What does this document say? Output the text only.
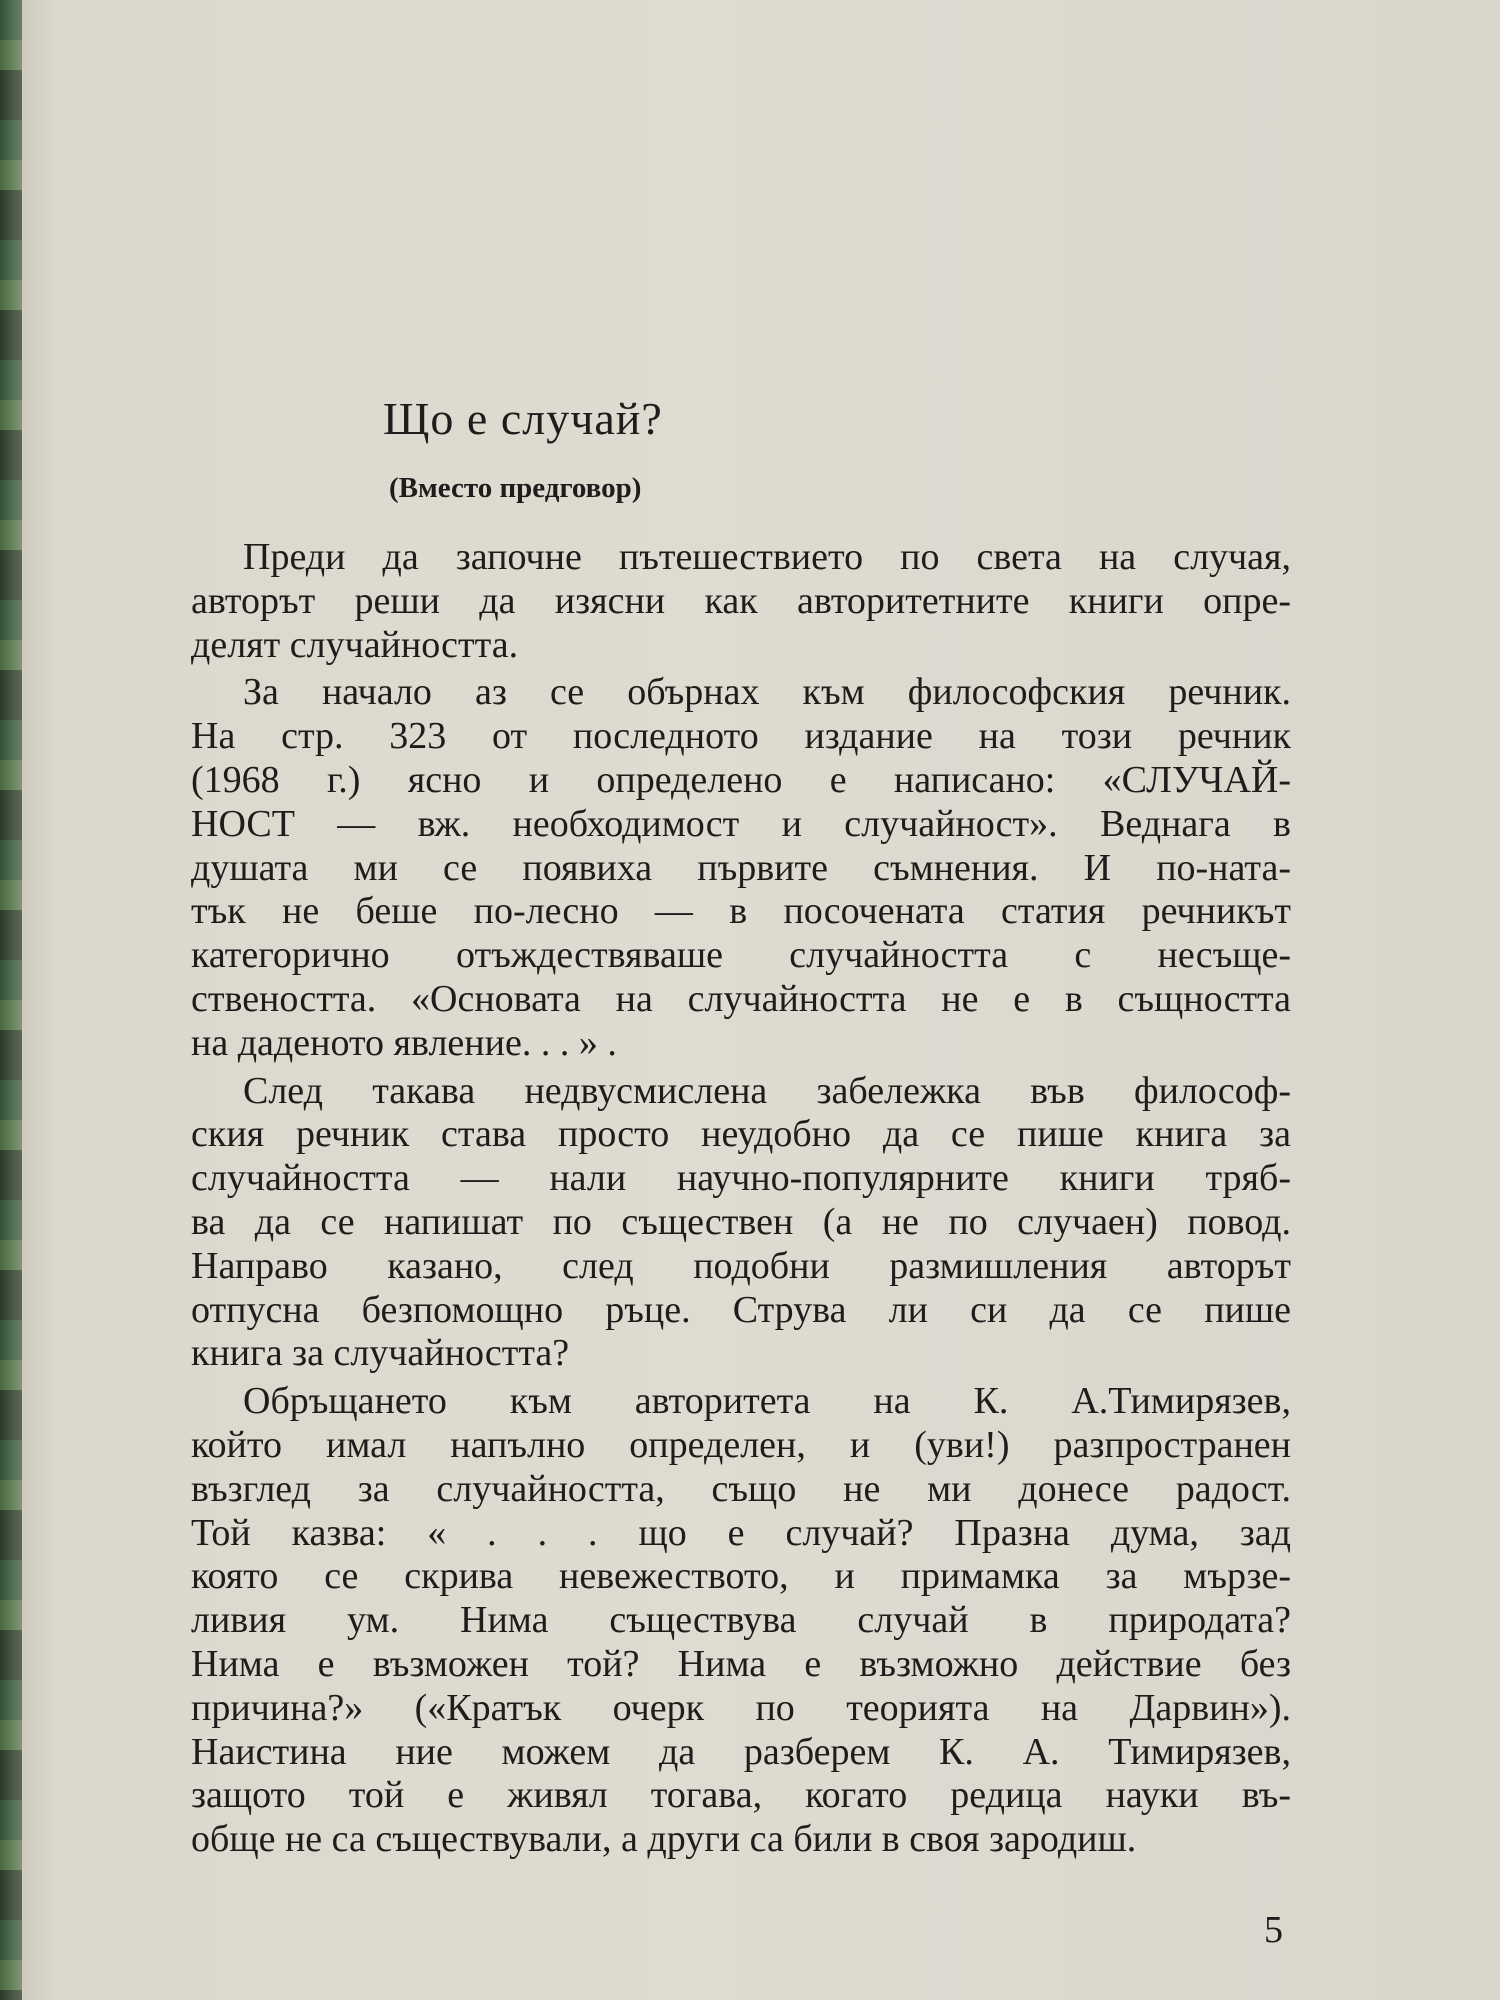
Що е случай?
(Вместо предговор)
Преди да започне пътешествието по света на случая,
авторът реши да изясни как авторитетните книги опре-
делят случайността.
За начало аз се обърнах към философския речник.
На стр. 323 от последното издание на този речник
(1968 г.) ясно и определено е написано: «СЛУЧАЙ-
НОСТ — вж. необходимост и случайност». Веднага в
душата ми се появиха първите съмнения. И по-ната-
тък не беше по-лесно — в посочената статия речникът
категорично отъждествяваше случайността с несъще-
ствеността. «Основата на случайността не е в същността
на даденото явление. . . » .
След такава недвусмислена забележка във философ-
ския речник става просто неудобно да се пише книга за
случайността — нали научно-популярните книги тряб-
ва да се напишат по съществен (а не по случаен) повод.
Направо казано, след подобни размишления авторът
отпусна безпомощно ръце. Струва ли си да се пише
книга за случайността?
Обръщането към авторитета на К. А.Тимирязев,
който имал напълно определен, и (уви!) разпространен
възглед за случайността, също не ми донесе радост.
Той казва: « . . . що е случай? Празна дума, зад
която се скрива невежеството, и примамка за мързе-
ливия ум. Нима съществува случай в природата?
Нима е възможен той? Нима е възможно действие без
причина?» («Кратък очерк по теорията на Дарвин»).
Наистина ние можем да разберем К. А. Тимирязев,
защото той е живял тогава, когато редица науки въ-
обще не са съществували, а други са били в своя зародиш.
5
